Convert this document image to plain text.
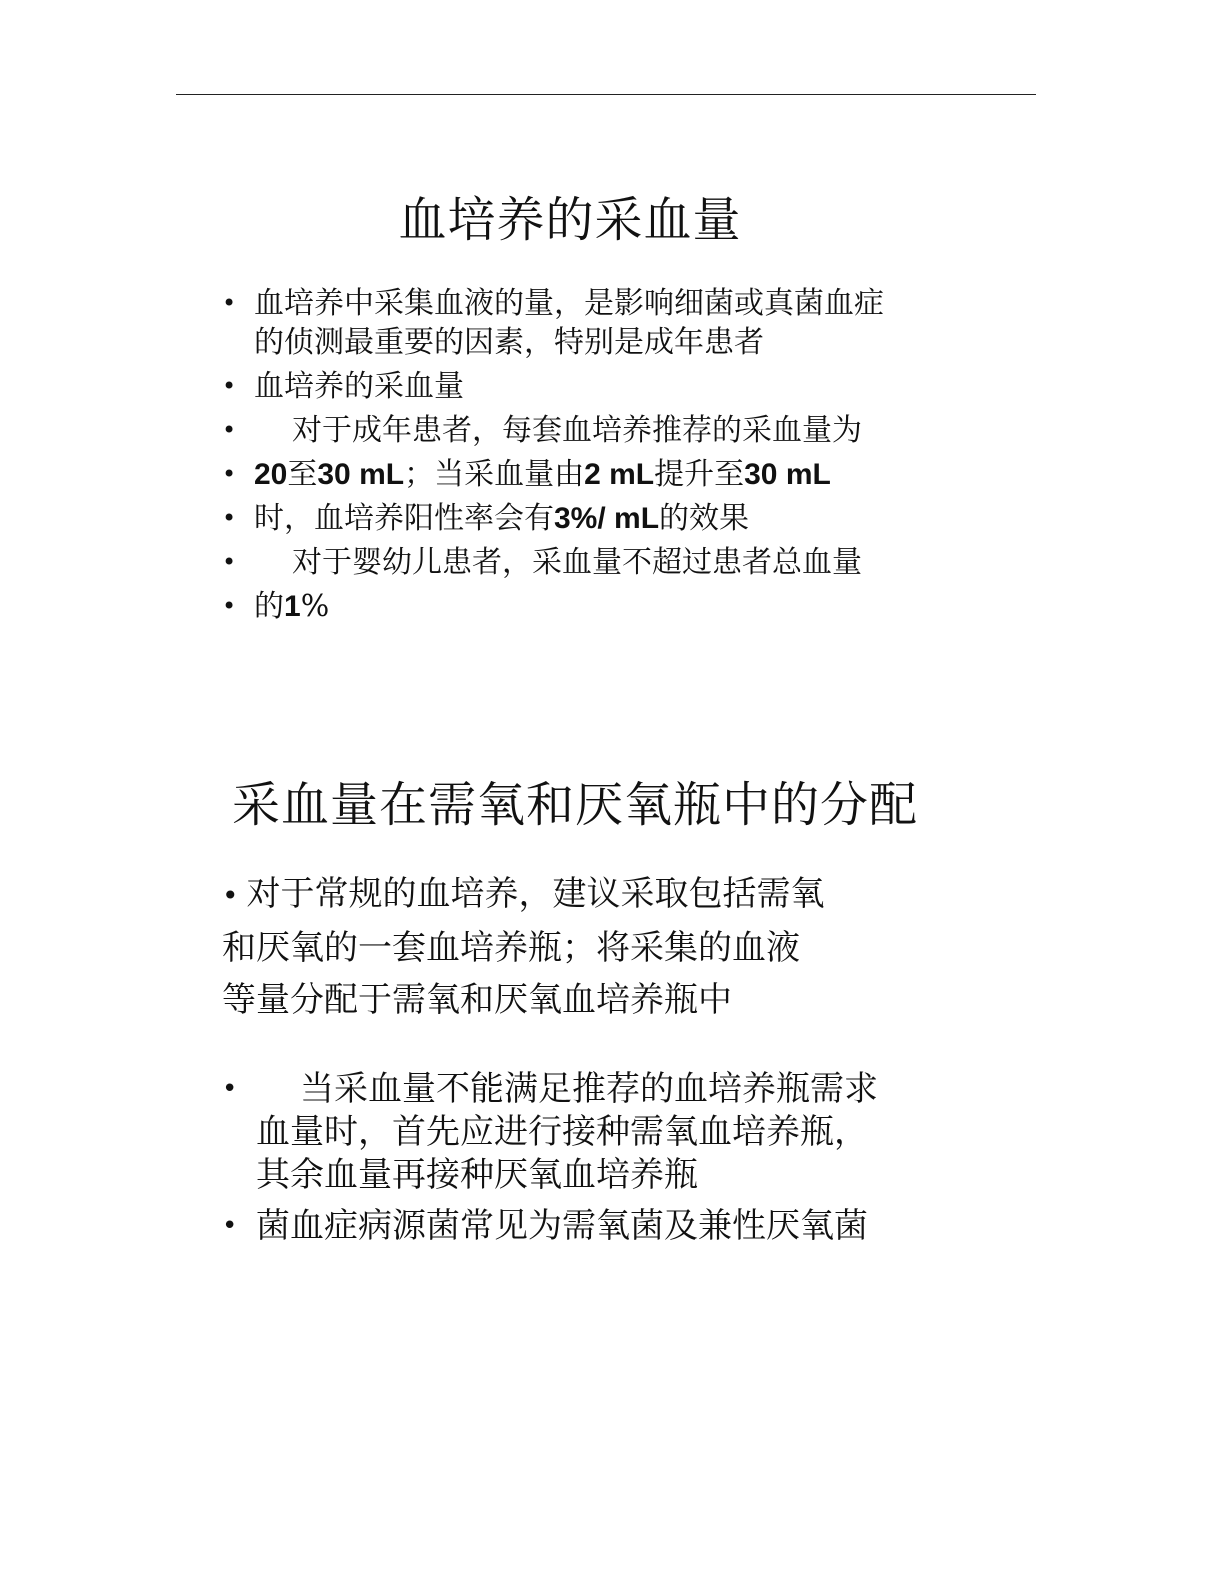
血培养的采血量
• 血培养中采集血液的量，是影响细菌或真菌血症的侦测最重要的因素，特别是成年患者
• 血培养的采血量
• 对于成年患者，每套血培养推荐的采血量为
• 20至30 mL；当采血量由2 mL提升至30 mL
• 时，血培养阳性率会有3%/ mL的效果
• 对于婴幼儿患者，采血量不超过患者总血量
• 的1%
采血量在需氧和厌氧瓶中的分配

• 对于常规的血培养，建议采取包括需氧
和厌氧的一套血培养瓶；将采集的血液
等量分配于需氧和厌氧血培养瓶中

• 当采血量不能满足推荐的血培养瓶需求血量时，首先应进行接种需氧血培养瓶，其余血量再接种厌氧血培养瓶
• 菌血症病源菌常见为需氧菌及兼性厌氧菌
